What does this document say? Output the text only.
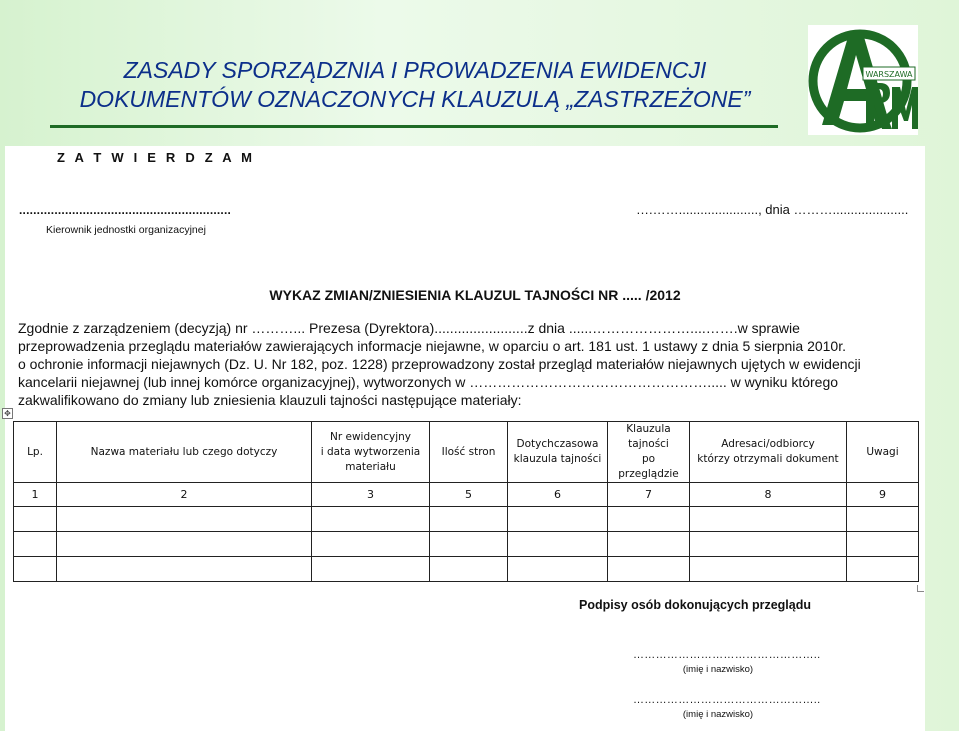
ZASADY SPORZĄDZNIA I PROWADZENIA EWIDENCJI
DOKUMENTÓW OZNACZONYCH KLAUZULĄ „ZASTRZEŻONE”
WARSZAWA
Z A T W I E R D Z A M
............................................................
Kierownik jednostki organizacyjnej
….……......................, dnia ……….....................
WYKAZ ZMIAN/ZNIESIENIA KLAUZUL TAJNOŚCI NR ..... /2012
Zgodnie z zarządzeniem (decyzją) nr ………... Prezesa (Dyrektora)........................z dnia ......…………………....…….w sprawie
przeprowadzenia przeglądu materiałów zawierających informacje niejawne, w oparciu o art. 181 ust. 1 ustawy z dnia 5 sierpnia 2010r.
o ochronie informacji niejawnych (Dz. U. Nr 182, poz. 1228) przeprowadzony został przegląd materiałów niejawnych ujętych w ewidencji
kancelarii niejawnej (lub innej komórce organizacyjnej), wytworzonych w ……………………………………………..... w wyniku którego
zakwalifikowano do zmiany lub zniesienia klauzuli tajności następujące materiały:
✥
Lp.	Nazwa materiału lub czego dotyczy	Nr ewidencyjny
i data wytworzenia
materiału	Ilość stron	Dotychczasowa
klauzula tajności	Klauzula
tajności
po
przeglądzie	Adresaci/odbiorcy
którzy otrzymali dokument	Uwagi
1	2	3	5	6	7	8	9

Podpisy osób dokonujących przeglądu
…………………………………………..
(imię i nazwisko)
…………………………………………..
(imię i nazwisko)
